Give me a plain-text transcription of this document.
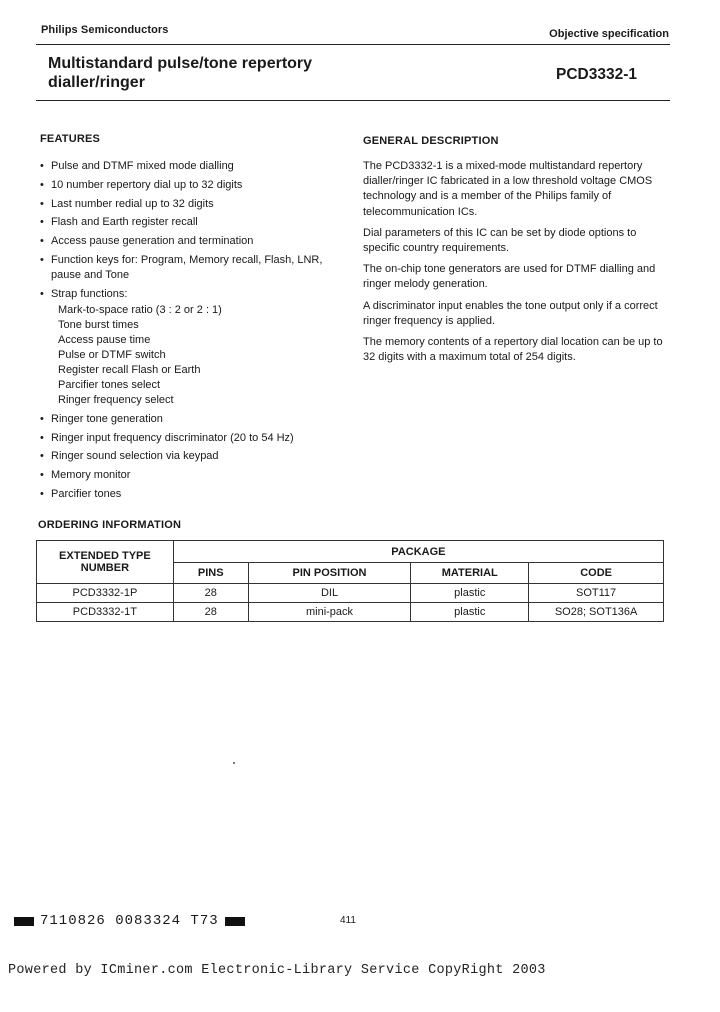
Philips Semiconductors	Objective specification
Multistandard pulse/tone repertory
dialler/ringer	PCD3332-1
FEATURES
• Pulse and DTMF mixed mode dialling
• 10 number repertory dial up to 32 digits
• Last number redial up to 32 digits
• Flash and Earth register recall
• Access pause generation and termination
• Function keys for: Program, Memory recall, Flash, LNR, pause and Tone
• Strap functions:
Mark-to-space ratio (3 : 2 or 2 : 1)
Tone burst times
Access pause time
Pulse or DTMF switch
Register recall Flash or Earth
Parcifier tones select
Ringer frequency select
• Ringer tone generation
• Ringer input frequency discriminator (20 to 54 Hz)
• Ringer sound selection via keypad
• Memory monitor
• Parcifier tones
GENERAL DESCRIPTION

The PCD3332-1 is a mixed-mode multistandard repertory dialler/ringer IC fabricated in a low threshold voltage CMOS technology and is a member of the Philips family of telecommunication ICs.

Dial parameters of this IC can be set by diode options to specific country requirements.

The on-chip tone generators are used for DTMF dialling and ringer melody generation.

A discriminator input enables the tone output only if a correct ringer frequency is applied.

The memory contents of a repertory dial location can be up to 32 digits with a maximum total of 254 digits.

ORDERING INFORMATION
EXTENDED TYPE
NUMBER	PACKAGE			
	PINS	PIN POSITION	MATERIAL	CODE
PCD3332-1P	28	DIL	plastic	SOT117
PCD3332-1T	28	mini-pack	plastic	SO28; SOT136A
7110826 0083324 T73	411
Powered by ICminer.com Electronic-Library Service CopyRight 2003
